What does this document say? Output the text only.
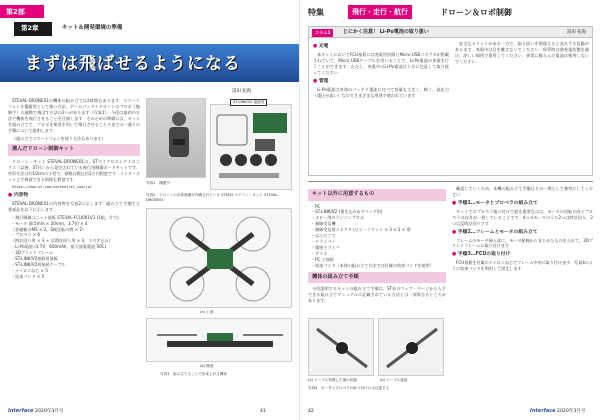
第2部
第2章	キット＆開発環境の準備
まずは飛ばせるようになる
冨田 拓海

STEVAL-DRONE01の機体の組み立ては2時間もあります．スマートフォンを操縦用として使い方法，ゲームパッド＋ドローンのプロポ（無線手）の連携で飛ばす方法の2つがあります（写真1）．今回は最初の方法で機体を飛行させることを目指します．そのための準備には，キットを組み立てて，プロポを使用を用いて飛行させることろまでの一通りの手順について説明します．

（組み立てスマートフォンを使う方法もあります）

選んだドローン制御キット

ドローン・キット STEVAL-DRONE01は，STマイクロエレクトロニクス（以後，ST社）から発売されている飛行用制御ボードキットです．外形寸法は約10cmの小型で，価格は税込約1万円程度です．インターネット上で検索できる情報も豊富です．

https://www.st.com/content/st_com/ja/

● 内容物

STEVAL-DRONE01の内容物を写真2に示します．組み立て手順で主要部品を以下に示します．

・飛行制御ユニット基板 STEVAL-FCU001V1 (1組，片穴)
・モータ (8.5mm × 20mm，3.7V) × 4
（非磁極のMS × 2，S極反転の物 × 2）
・プロペラ × 6
（時計回り用 × 3 ＋ 反時計回り用 × 3，スペア込み）
・Li-Po電池 (3.7V，600mAh，最大放電電流 30C)
・3Dプリントフレーム
・ST-LINK/V2接続用基板
・ST-LINK/V2用接続ケーブル
・ナイロンねじ × 5
・結束バンド × 5
写真1　操縦中
ST-LINK/V2 接続用
写真2　ドローンの全体制御が内蔵されている STM32 マイコン・キット STEVAL-DRONE01
(a) 上面
(b) 側面
写真3　組み立てることで出来上がる機体
Interface 2020年3月号	41
特集	飛行・走行・航行	ドローン＆ロボ制御
コラム1	とにかく注意！ Li-Po電池の取り扱い	冨田 拓海
● 充電

本キットにおいてFCU基板には充電用回路とMicro USBコネクタが搭載されていて，Micro USBケーブルを用いることで，Li-Po電池の充電を行うことができます．ただし，充電中のLi-Po電池は十分に注意して取り扱ってください．

● 管理

Li-Po電池は寿命のバッテリ電池に比べて容量も大きく，軽く，高出力（電圧が高い）なのでさまざまな用途で使われています．

安全なメリットがある一方で，取り扱いを間違えると発火する危険があります．充電中は目を離さないでください．保管時は満充電状態を避け，涼しい場所で保管してください．異常に膨らんだ電池は使用しないでください．

キット以外に用意するもの
・PC
・ST-LINK/V2 (書き込み＆デバッグ用)
・ホビー用のラジコンプロポ
・無線受信機
・無線受信用コネクタ (ピン・ソケット × 3 × 1 × 4)
・はんだこて
・ドライバー
・精密ドライバ
・テスタ
・PC と接続
・結束バンド（本体の組み立て方法では付属の結束バンドを使用）
機体の組み立て手順

今回説明するキットの組み立て手順は，ST社のウェブ・ページから入手できる組み立てマニュアルに記載されている方法とは一部異なるところがあります．

(a) ケーブル処理した後の状態	(b) ケーブル接続
写真4　モータとプロペラの取り付けには注意する

確認していくため，本機の組み立て手順はその一例として参考にしてください．

● 手順1…モータとプロペラの組み立て

キットでのプロペラ取り付けで最も重要なのは，モータの回転方向とプロペラの向きが一致していることです．4つのモータのうち2つは時計回り，2つは反時計回りです．

● 手順2…フレームとモータの組み立て

フレームのモータ挿入部に，モータ配線からまとめたものを入れて，3Dプリントフレームに取り付けます．

● 手順3…FCUの取り付け

FCU基板を付属のナイロンねじでフレーム中央に取り付けます．写真4のように結束バンドを利用して固定します．

42	Interface 2020年3月号
